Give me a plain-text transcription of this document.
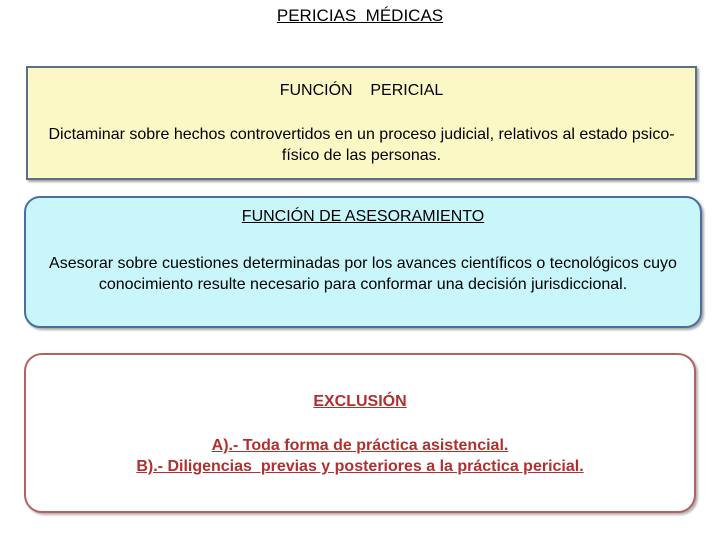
PERICIAS  MÉDICAS
FUNCIÓN    PERICIAL
Dictaminar sobre hechos controvertidos en un proceso judicial, relativos al estado psico-físico de las personas.
FUNCIÓN DE ASESORAMIENTO
Asesorar sobre cuestiones determinadas por los avances científicos o tecnológicos cuyo conocimiento resulte necesario para conformar una decisión jurisdiccional.
EXCLUSIÓN
A).- Toda forma de práctica asistencial.
B).- Diligencias  previas y posteriores a la práctica pericial.
